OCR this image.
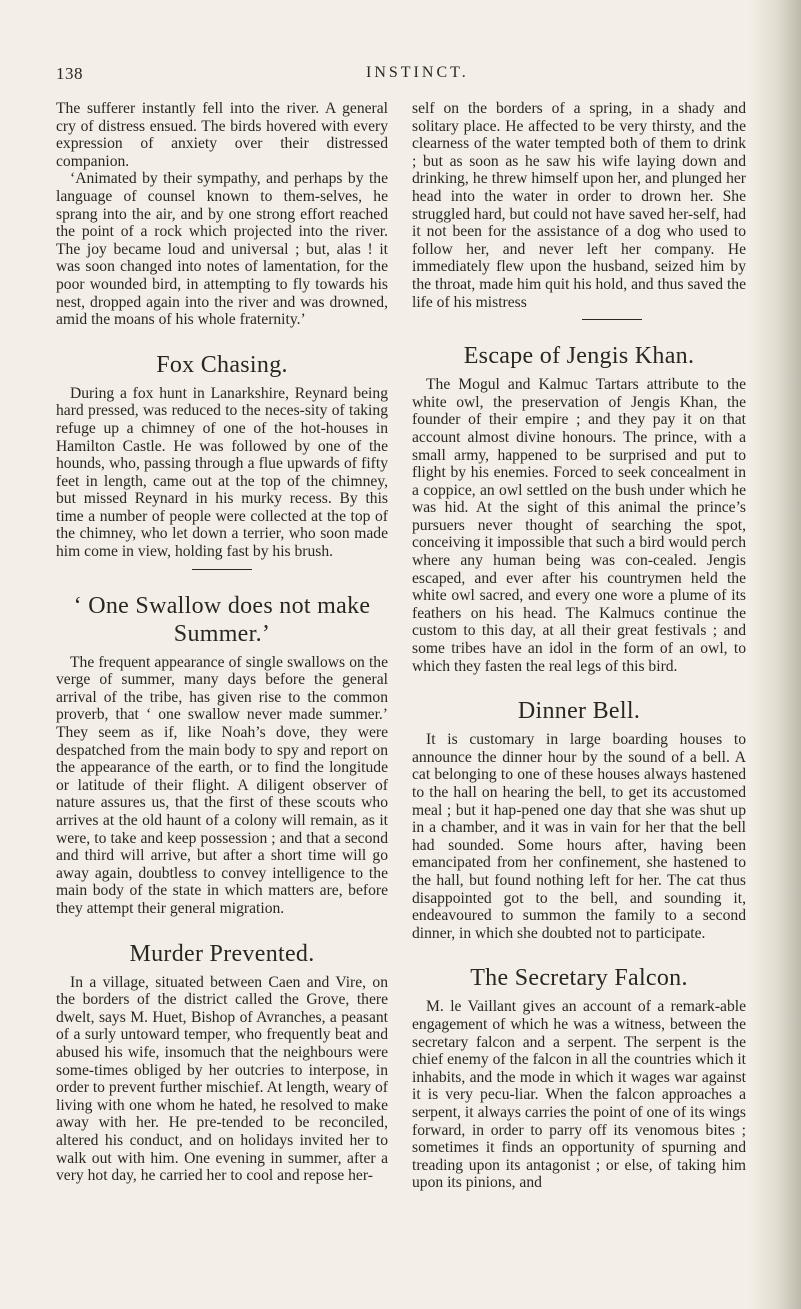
138	INSTINCT.

The sufferer instantly fell into the river. A general cry of distress ensued. The birds hovered with every expression of anxiety over their distressed companion.

‘Animated by their sympathy, and perhaps by the language of counsel known to them-selves, he sprang into the air, and by one strong effort reached the point of a rock which projected into the river. The joy became loud and universal ; but, alas ! it was soon changed into notes of lamentation, for the poor wounded bird, in attempting to fly towards his nest, dropped again into the river and was drowned, amid the moans of his whole fraternity.’

Fox Chasing.

During a fox hunt in Lanarkshire, Reynard being hard pressed, was reduced to the neces-sity of taking refuge up a chimney of one of the hot-houses in Hamilton Castle. He was followed by one of the hounds, who, passing through a flue upwards of fifty feet in length, came out at the top of the chimney, but missed Reynard in his murky recess. By this time a number of people were collected at the top of the chimney, who let down a terrier, who soon made him come in view, holding fast by his brush.

‘ One Swallow does not make Summer.’

The frequent appearance of single swallows on the verge of summer, many days before the general arrival of the tribe, has given rise to the common proverb, that ‘ one swallow never made summer.’ They seem as if, like Noah’s dove, they were despatched from the main body to spy and report on the appearance of the earth, or to find the longitude or latitude of their flight. A diligent observer of nature assures us, that the first of these scouts who arrives at the old haunt of a colony will remain, as it were, to take and keep possession ; and that a second and third will arrive, but after a short time will go away again, doubtless to convey intelligence to the main body of the state in which matters are, before they attempt their general migration.

Murder Prevented.

In a village, situated between Caen and Vire, on the borders of the district called the Grove, there dwelt, says M. Huet, Bishop of Avranches, a peasant of a surly untoward temper, who frequently beat and abused his wife, insomuch that the neighbours were some-times obliged by her outcries to interpose, in order to prevent further mischief. At length, weary of living with one whom he hated, he resolved to make away with her. He pre-tended to be reconciled, altered his conduct, and on holidays invited her to walk out with him. One evening in summer, after a very hot day, he carried her to cool and repose her-

self on the borders of a spring, in a shady and solitary place. He affected to be very thirsty, and the clearness of the water tempted both of them to drink ; but as soon as he saw his wife laying down and drinking, he threw himself upon her, and plunged her head into the water in order to drown her. She struggled hard, but could not have saved her-self, had it not been for the assistance of a dog who used to follow her, and never left her company. He immediately flew upon the husband, seized him by the throat, made him quit his hold, and thus saved the life of his mistress

Escape of Jengis Khan.

The Mogul and Kalmuc Tartars attribute to the white owl, the preservation of Jengis Khan, the founder of their empire ; and they pay it on that account almost divine honours. The prince, with a small army, happened to be surprised and put to flight by his enemies. Forced to seek concealment in a coppice, an owl settled on the bush under which he was hid. At the sight of this animal the prince’s pursuers never thought of searching the spot, conceiving it impossible that such a bird would perch where any human being was con-cealed. Jengis escaped, and ever after his countrymen held the white owl sacred, and every one wore a plume of its feathers on his head. The Kalmucs continue the custom to this day, at all their great festivals ; and some tribes have an idol in the form of an owl, to which they fasten the real legs of this bird.

Dinner Bell.

It is customary in large boarding houses to announce the dinner hour by the sound of a bell. A cat belonging to one of these houses always hastened to the hall on hearing the bell, to get its accustomed meal ; but it hap-pened one day that she was shut up in a chamber, and it was in vain for her that the bell had sounded. Some hours after, having been emancipated from her confinement, she hastened to the hall, but found nothing left for her. The cat thus disappointed got to the bell, and sounding it, endeavoured to summon the family to a second dinner, in which she doubted not to participate.

The Secretary Falcon.

M. le Vaillant gives an account of a remark-able engagement of which he was a witness, between the secretary falcon and a serpent. The serpent is the chief enemy of the falcon in all the countries which it inhabits, and the mode in which it wages war against it is very pecu-liar. When the falcon approaches a serpent, it always carries the point of one of its wings forward, in order to parry off its venomous bites ; sometimes it finds an opportunity of spurning and treading upon its antagonist ; or else, of taking him upon its pinions, and
